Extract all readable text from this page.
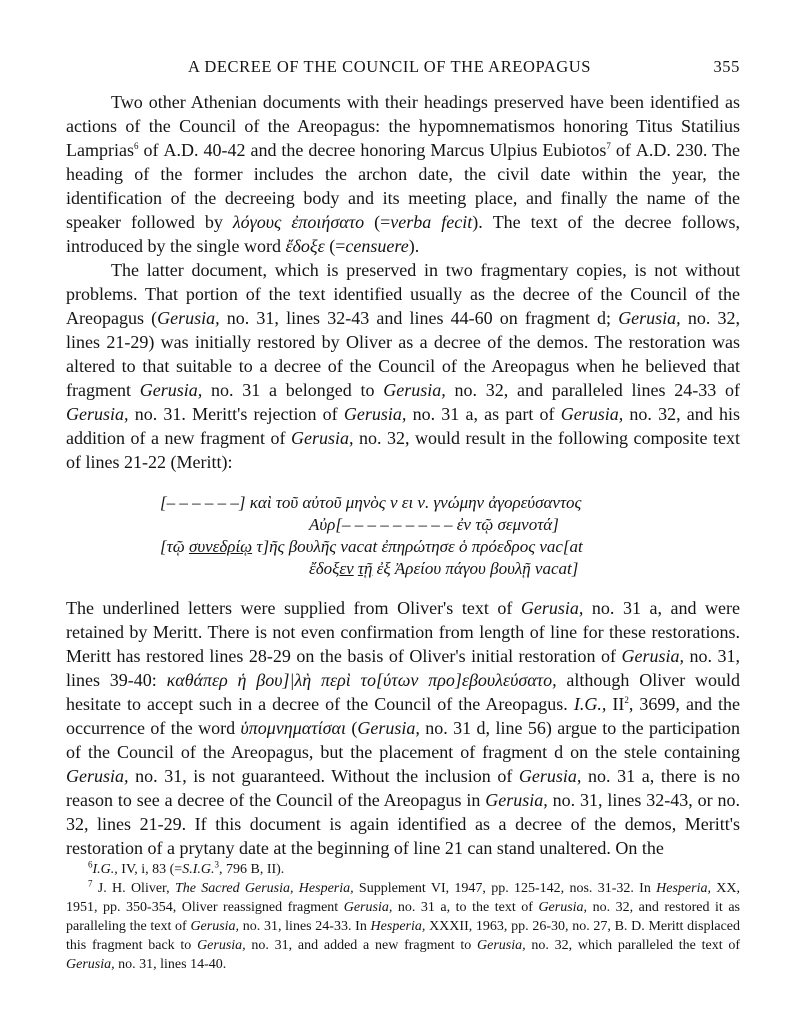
A DECREE OF THE COUNCIL OF THE AREOPAGUS	355

Two other Athenian documents with their headings preserved have been identified as actions of the Council of the Areopagus: the hypomnematismos honoring Titus Statilius Lamprias$^6$ of A.D. 40-42 and the decree honoring Marcus Ulpius Eubiotos$^7$ of A.D. 230. The heading of the former includes the archon date, the civil date within the year, the identification of the decreeing body and its meeting place, and finally the name of the speaker followed by λόγους ἐποιήσατο (=verba fecit). The text of the decree follows, introduced by the single word ἔδοξε (=censuere).

The latter document, which is preserved in two fragmentary copies, is not without problems. That portion of the text identified usually as the decree of the Council of the Areopagus (Gerusia, no. 31, lines 32-43 and lines 44-60 on fragment d; Gerusia, no. 32, lines 21-29) was initially restored by Oliver as a decree of the demos. The restoration was altered to that suitable to a decree of the Council of the Areopagus when he believed that fragment Gerusia, no. 31 a belonged to Gerusia, no. 32, and paralleled lines 24-33 of Gerusia, no. 31. Meritt's rejection of Gerusia, no. 31 a, as part of Gerusia, no. 32, and his addition of a new fragment of Gerusia, no. 32, would result in the following composite text of lines 21-22 (Meritt):

[– – – – – –] καὶ τοῦ αὐτοῦ μηνὸς ν ει ν. γνώμην ἀγορεύσαντος
Αὐρ[– – – – – – – – – ἐν τῷ σεμνοτά]
[τῷ συνεδρίῳ τ]ῆς βουλῆς vacat ἐπηρώτησε ὁ πρόεδρος vac[at
ἔδοξεν τῇ ἐξ Ἀρείου πάγου βουλῇ vacat]

The underlined letters were supplied from Oliver's text of Gerusia, no. 31 a, and were retained by Meritt. There is not even confirmation from length of line for these restorations. Meritt has restored lines 28-29 on the basis of Oliver's initial restoration of Gerusia, no. 31, lines 39-40: καθάπερ ἡ βου]|λὴ περὶ το[ύτων προ]εβουλεύσατο, although Oliver would hesitate to accept such in a decree of the Council of the Areopagus. I.G., $II^2$, 3699, and the occurrence of the word ὑπομνηματίσαι (Gerusia, no. 31 d, line 56) argue to the participation of the Council of the Areopagus, but the placement of fragment d on the stele containing Gerusia, no. 31, is not guaranteed. Without the inclusion of Gerusia, no. 31 a, there is no reason to see a decree of the Council of the Areopagus in Gerusia, no. 31, lines 32-43, or no. 32, lines 21-29. If this document is again identified as a decree of the demos, Meritt's restoration of a prytany date at the beginning of line 21 can stand unaltered. On the

$^6$I.G., IV, i, 83 (=S.I.G.$^3$, 796 B, II).

$^7$ J. H. Oliver, The Sacred Gerusia, Hesperia, Supplement VI, 1947, pp. 125-142, nos. 31-32. In Hesperia, XX, 1951, pp. 350-354, Oliver reassigned fragment Gerusia, no. 31 a, to the text of Gerusia, no. 32, and restored it as paralleling the text of Gerusia, no. 31, lines 24-33. In Hesperia, XXXII, 1963, pp. 26-30, no. 27, B. D. Meritt displaced this fragment back to Gerusia, no. 31, and added a new fragment to Gerusia, no. 32, which paralleled the text of Gerusia, no. 31, lines 14-40.
